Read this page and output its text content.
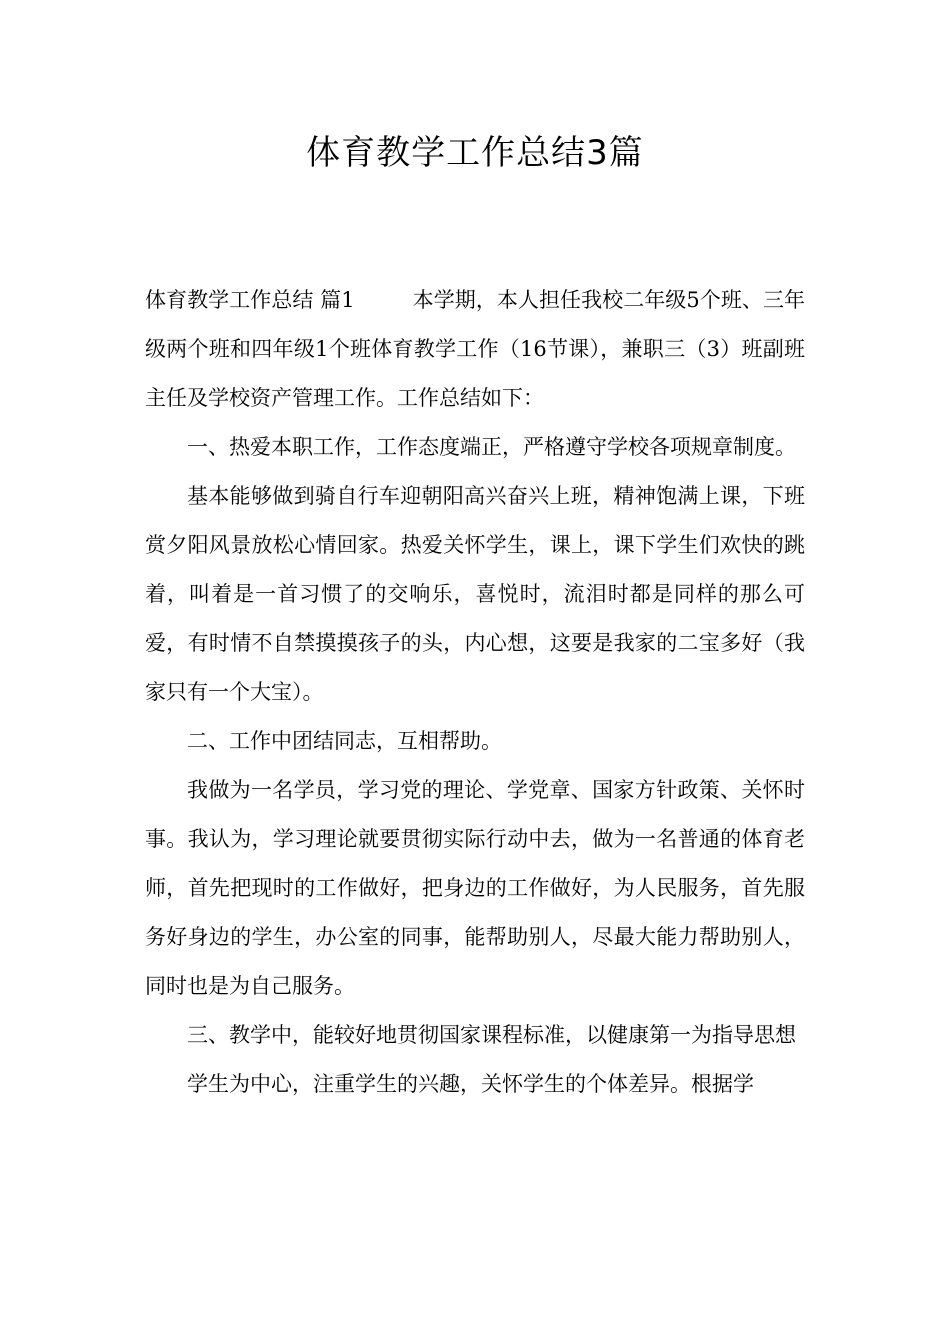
体育教学工作总结3篇

体育教学工作总结 篇1	本学期，本人担任我校二年级5个班、三年级两个班和四年级1个班体育教学工作（16节课），兼职三（3）班副班主任及学校资产管理工作。工作总结如下：

一、热爱本职工作，工作态度端正，严格遵守学校各项规章制度。

基本能够做到骑自行车迎朝阳高兴奋兴上班，精神饱满上课，下班赏夕阳风景放松心情回家。热爱关怀学生，课上，课下学生们欢快的跳着，叫着是一首习惯了的交响乐，喜悦时，流泪时都是同样的那么可爱，有时情不自禁摸摸孩子的头，内心想，这要是我家的二宝多好（我家只有一个大宝）。

二、工作中团结同志，互相帮助。

我做为一名学员，学习党的理论、学党章、国家方针政策、关怀时事。我认为，学习理论就要贯彻实际行动中去，做为一名普通的体育老师，首先把现时的工作做好，把身边的工作做好，为人民服务，首先服务好身边的学生，办公室的同事，能帮助别人，尽最大能力帮助别人，同时也是为自己服务。

三、教学中，能较好地贯彻国家课程标准，以健康第一为指导思想

学生为中心，注重学生的兴趣，关怀学生的个体差异。根据学
